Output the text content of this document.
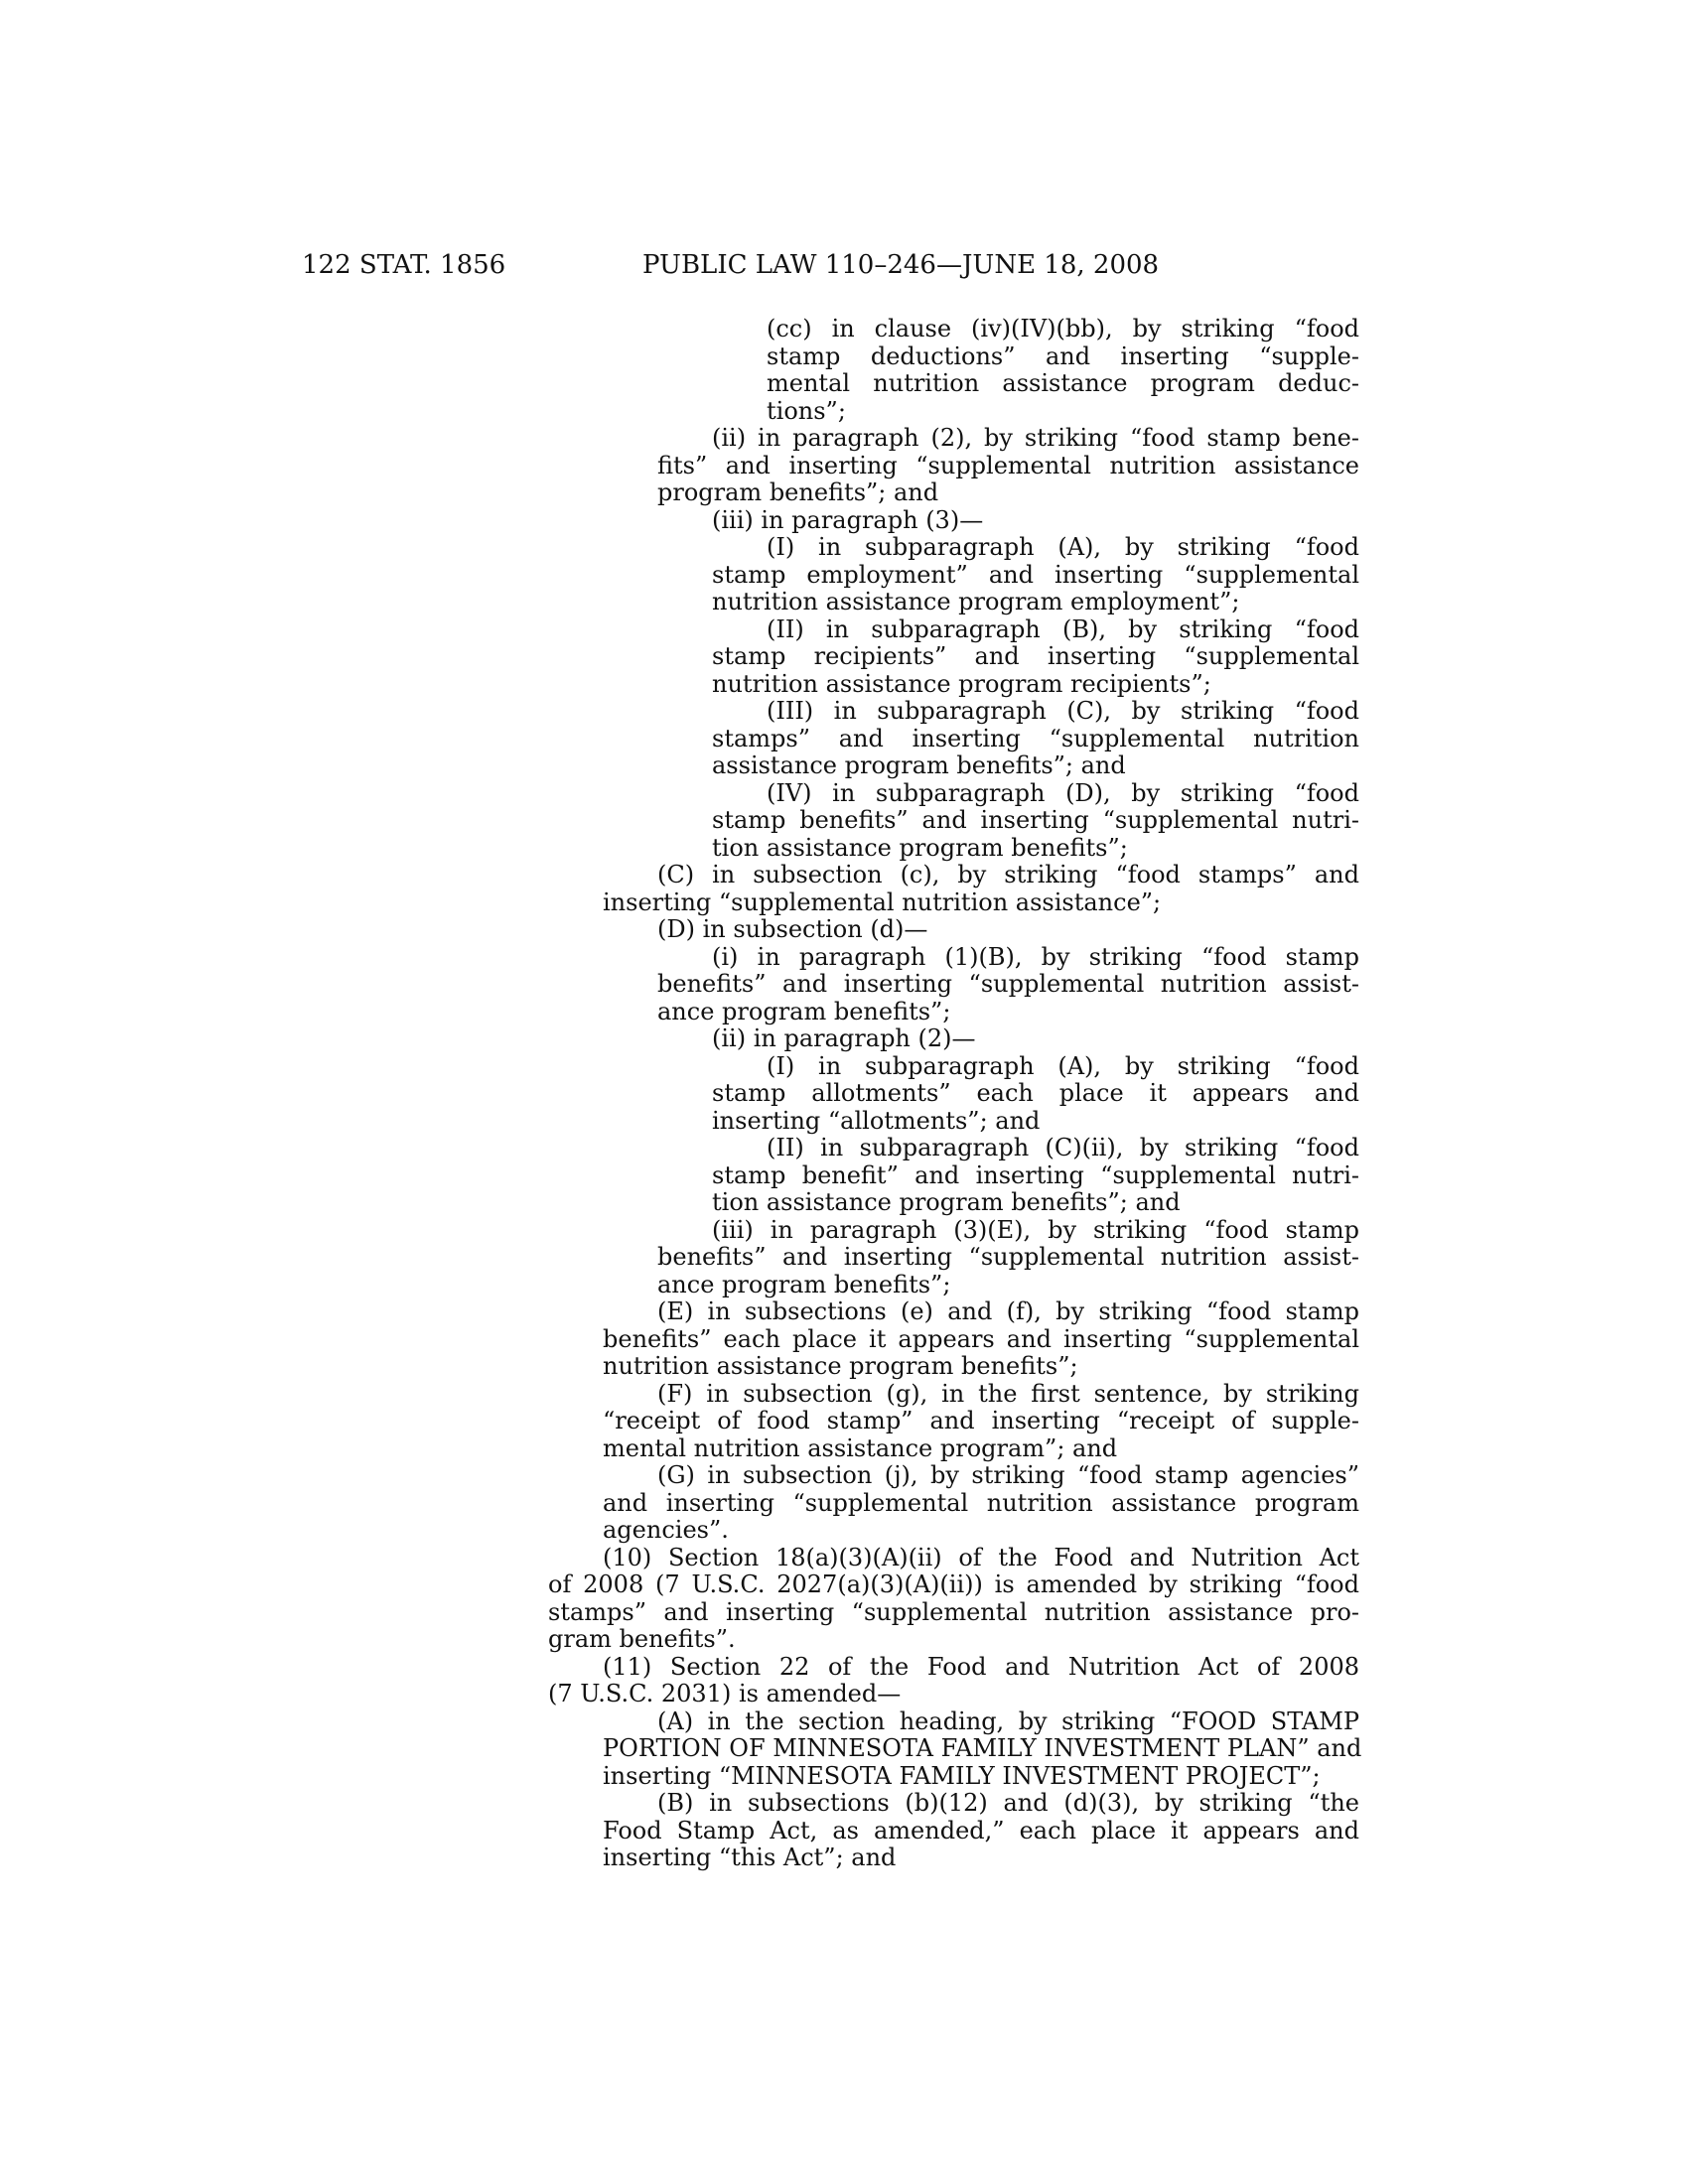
122 STAT. 1856	PUBLIC LAW 110–246—JUNE 18, 2008
(cc) in clause (iv)(IV)(bb), by striking “food
stamp deductions” and inserting “supple-
mental nutrition assistance program deduc-
tions”;
(ii) in paragraph (2), by striking “food stamp bene-
fits” and inserting “supplemental nutrition assistance
program benefits”; and
(iii) in paragraph (3)—
(I) in subparagraph (A), by striking “food
stamp employment” and inserting “supplemental
nutrition assistance program employment”;
(II) in subparagraph (B), by striking “food
stamp recipients” and inserting “supplemental
nutrition assistance program recipients”;
(III) in subparagraph (C), by striking “food
stamps” and inserting “supplemental nutrition
assistance program benefits”; and
(IV) in subparagraph (D), by striking “food
stamp benefits” and inserting “supplemental nutri-
tion assistance program benefits”;
(C) in subsection (c), by striking “food stamps” and
inserting “supplemental nutrition assistance”;
(D) in subsection (d)—
(i) in paragraph (1)(B), by striking “food stamp
benefits” and inserting “supplemental nutrition assist-
ance program benefits”;
(ii) in paragraph (2)—
(I) in subparagraph (A), by striking “food
stamp allotments” each place it appears and
inserting “allotments”; and
(II) in subparagraph (C)(ii), by striking “food
stamp benefit” and inserting “supplemental nutri-
tion assistance program benefits”; and
(iii) in paragraph (3)(E), by striking “food stamp
benefits” and inserting “supplemental nutrition assist-
ance program benefits”;
(E) in subsections (e) and (f), by striking “food stamp
benefits” each place it appears and inserting “supplemental
nutrition assistance program benefits”;
(F) in subsection (g), in the first sentence, by striking
“receipt of food stamp” and inserting “receipt of supple-
mental nutrition assistance program”; and
(G) in subsection (j), by striking “food stamp agencies”
and inserting “supplemental nutrition assistance program
agencies”.
(10) Section 18(a)(3)(A)(ii) of the Food and Nutrition Act
of 2008 (7 U.S.C. 2027(a)(3)(A)(ii)) is amended by striking “food
stamps” and inserting “supplemental nutrition assistance pro-
gram benefits”.
(11) Section 22 of the Food and Nutrition Act of 2008
(7 U.S.C. 2031) is amended—
(A) in the section heading, by striking “FOOD STAMP
PORTION OF MINNESOTA FAMILY INVESTMENT PLAN” and
inserting “MINNESOTA FAMILY INVESTMENT PROJECT”;
(B) in subsections (b)(12) and (d)(3), by striking “the
Food Stamp Act, as amended,” each place it appears and
inserting “this Act”; and
